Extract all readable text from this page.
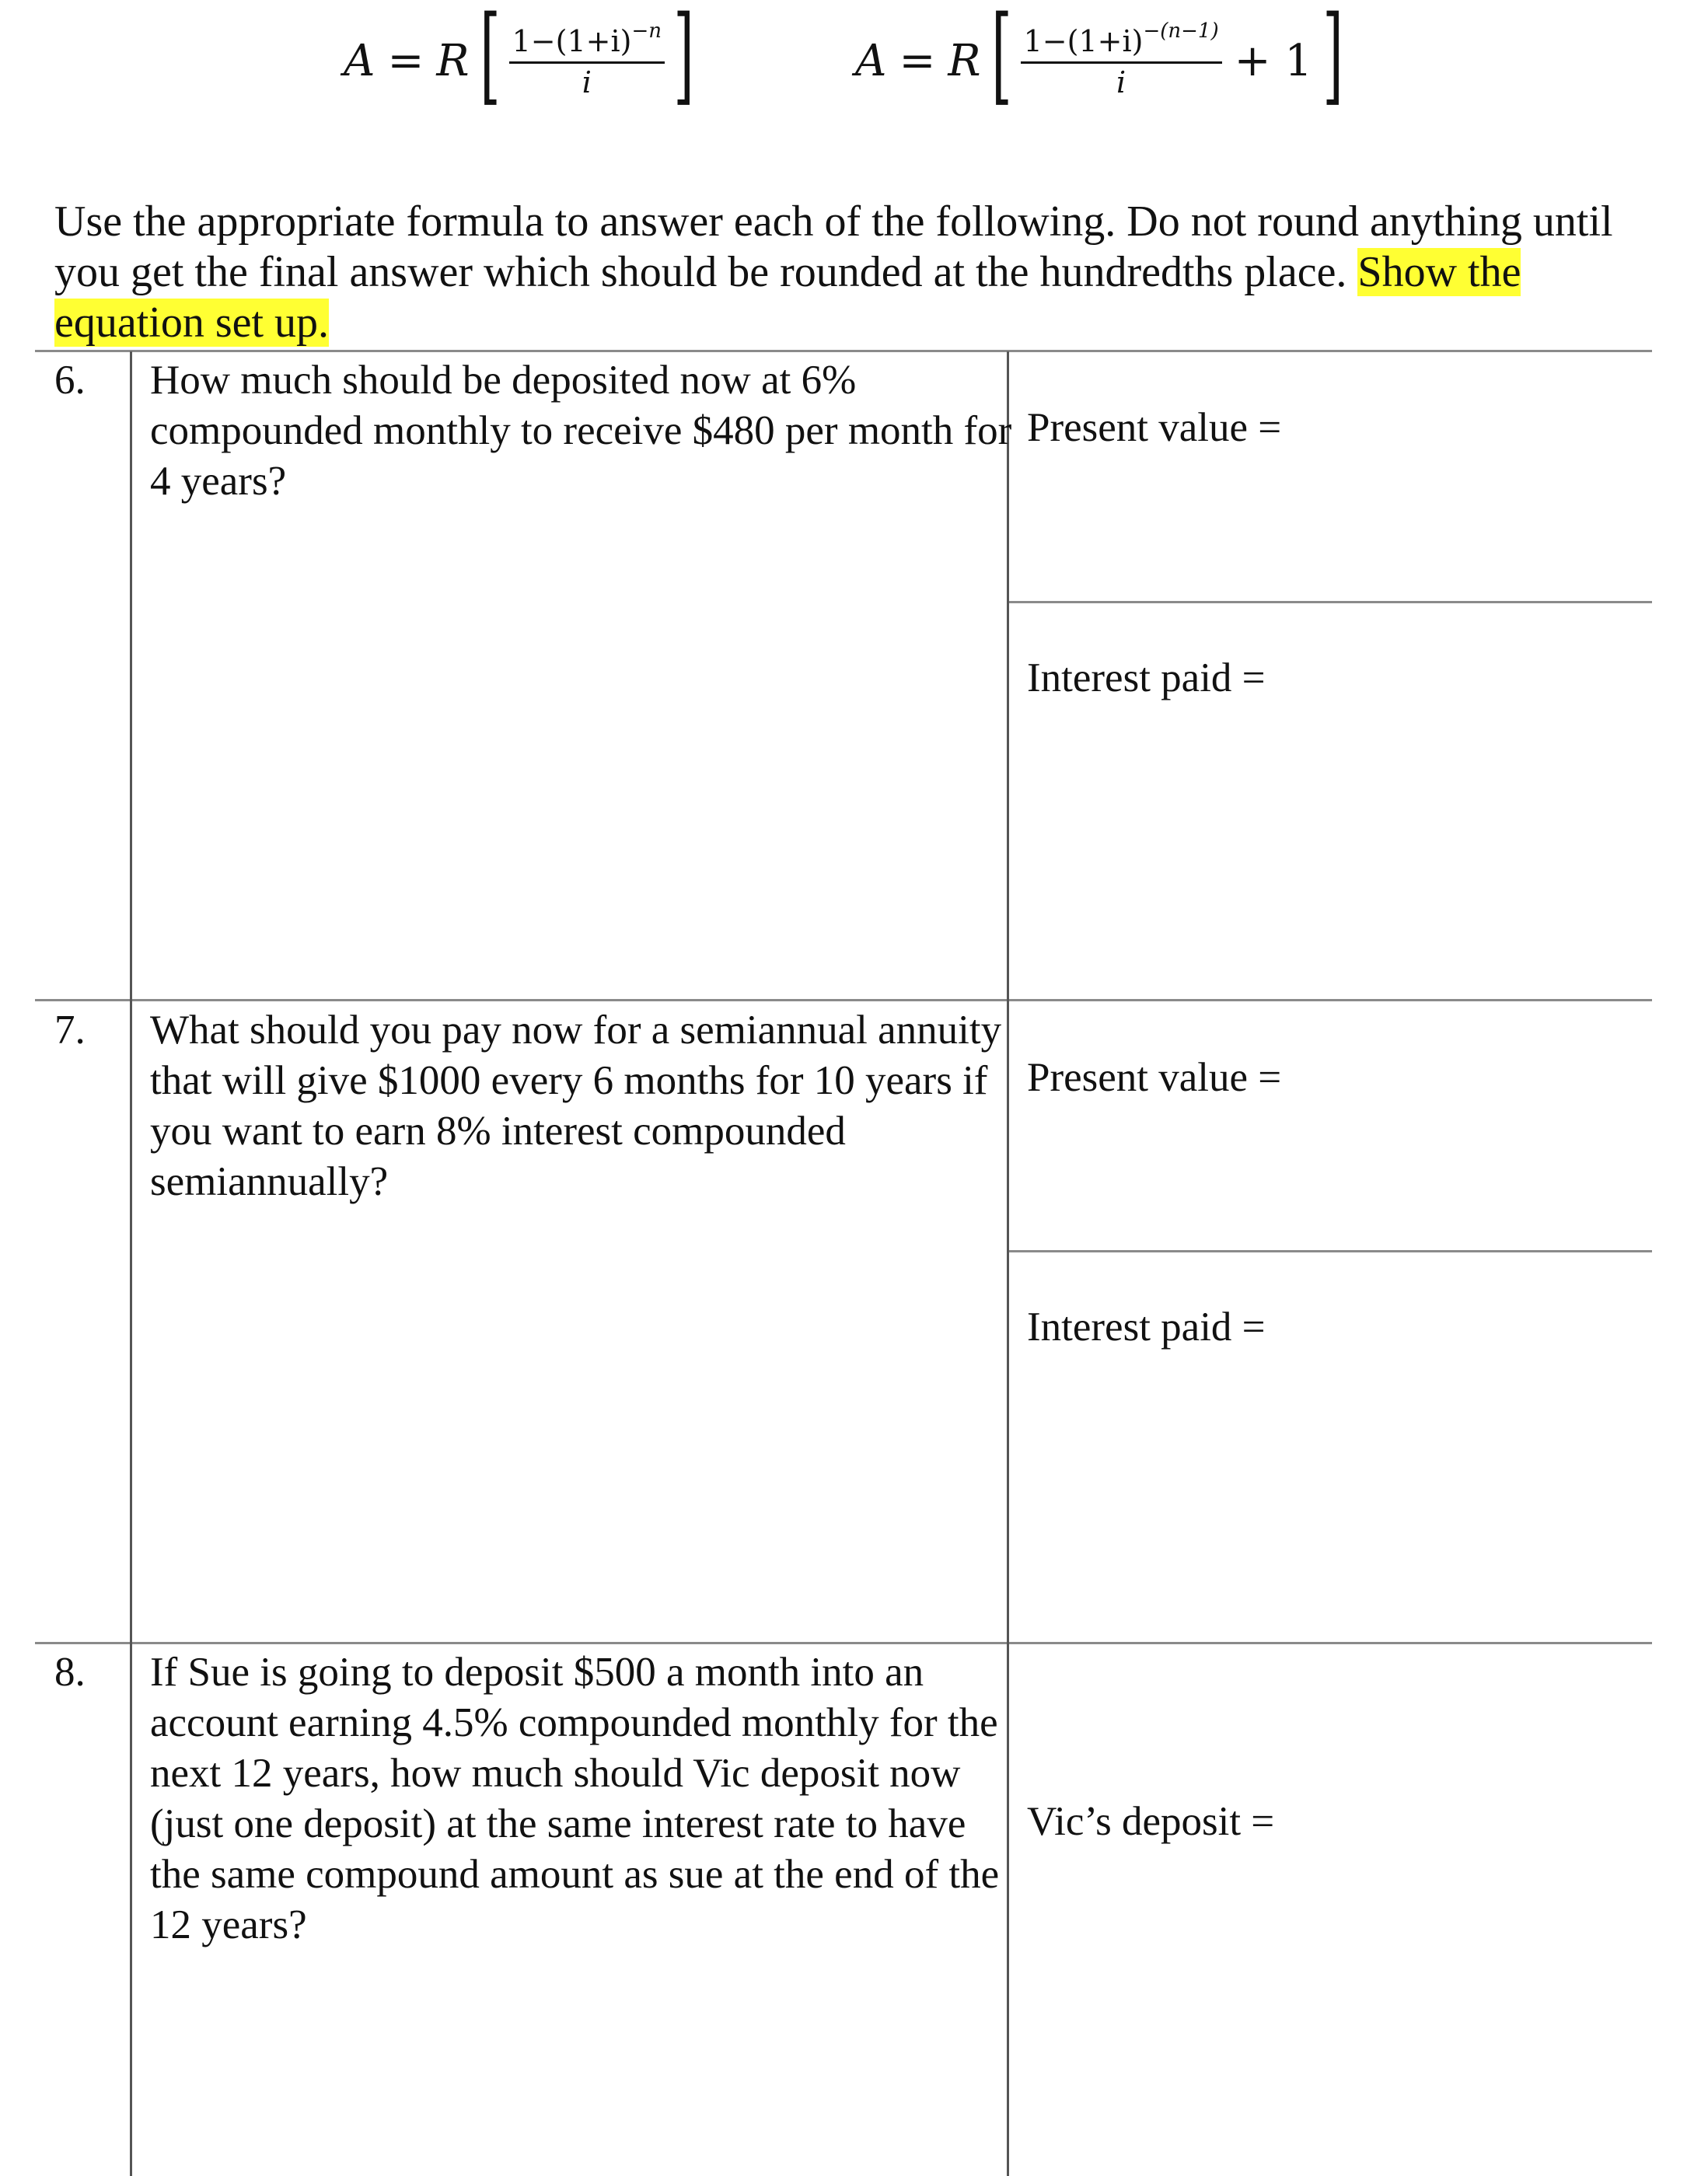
A = R [ $\frac{1-(1+i)^{-n}}{i}$ ]	A = R [ $\frac{1-(1+i)^{-(n-1)}}{i} + 1$ ]
Use the appropriate formula to answer each of the following. Do not round anything until you get the final answer which should be rounded at the hundredths place. Show the equation set up.
6. How much should be deposited now at 6% compounded monthly to receive $480 per month for 4 years?
Present value =
Interest paid =
7. What should you pay now for a semiannual annuity that will give $1000 every 6 months for 10 years if you want to earn 8% interest compounded semiannually?
Present value =
Interest paid =
8. If Sue is going to deposit $500 a month into an account earning 4.5% compounded monthly for the next 12 years, how much should Vic deposit now (just one deposit) at the same interest rate to have the same compound amount as sue at the end of the 12 years?
Vic’s deposit =
